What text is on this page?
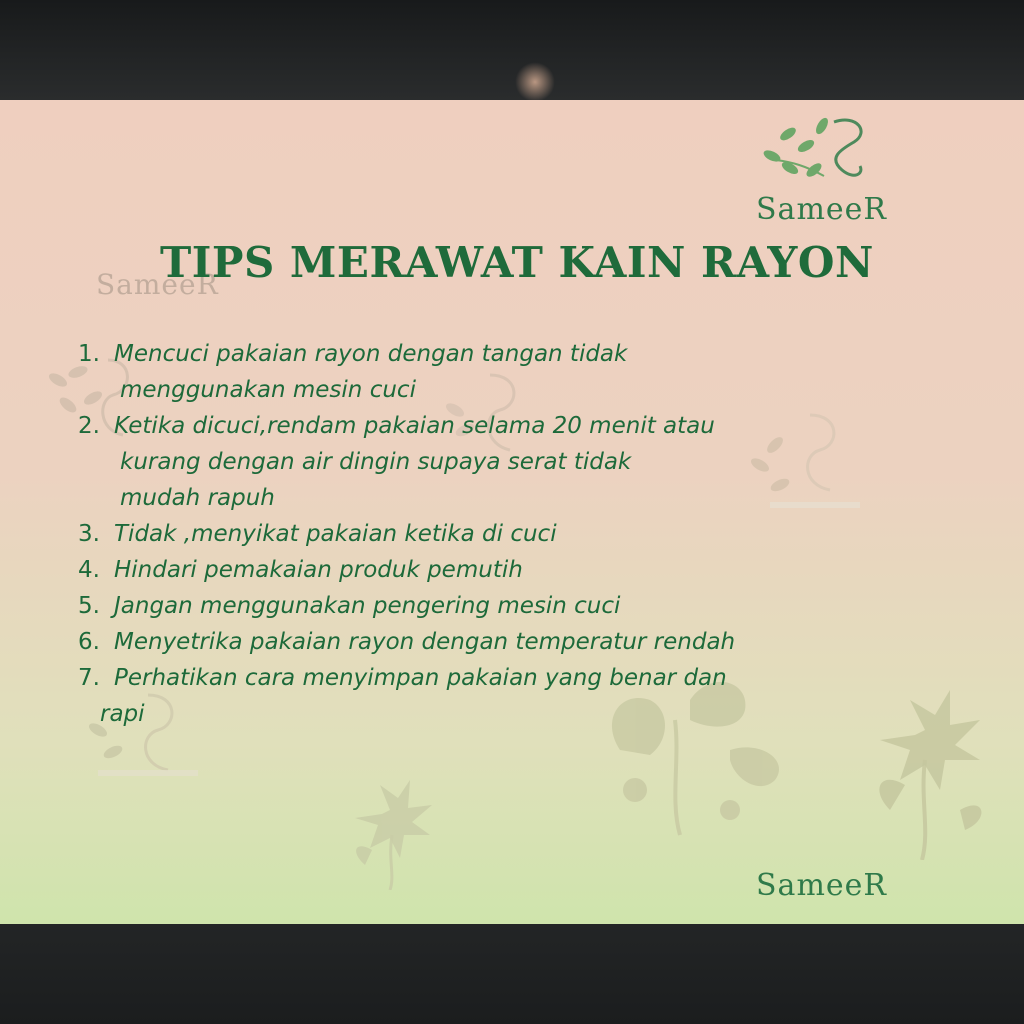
SameeR
SameeR
TIPS MERAWAT KAIN RAYON
1. Mencuci pakaian rayon dengan tangan tidak
menggunakan mesin cuci
2. Ketika dicuci,rendam pakaian selama 20 menit atau
kurang dengan air dingin supaya serat tidak
mudah rapuh
3. Tidak ,menyikat pakaian ketika di cuci
4. Hindari pemakaian produk pemutih
5. Jangan menggunakan pengering mesin cuci
6. Menyetrika pakaian rayon dengan temperatur rendah
7. Perhatikan cara menyimpan pakaian yang benar dan
rapi
SameeR
